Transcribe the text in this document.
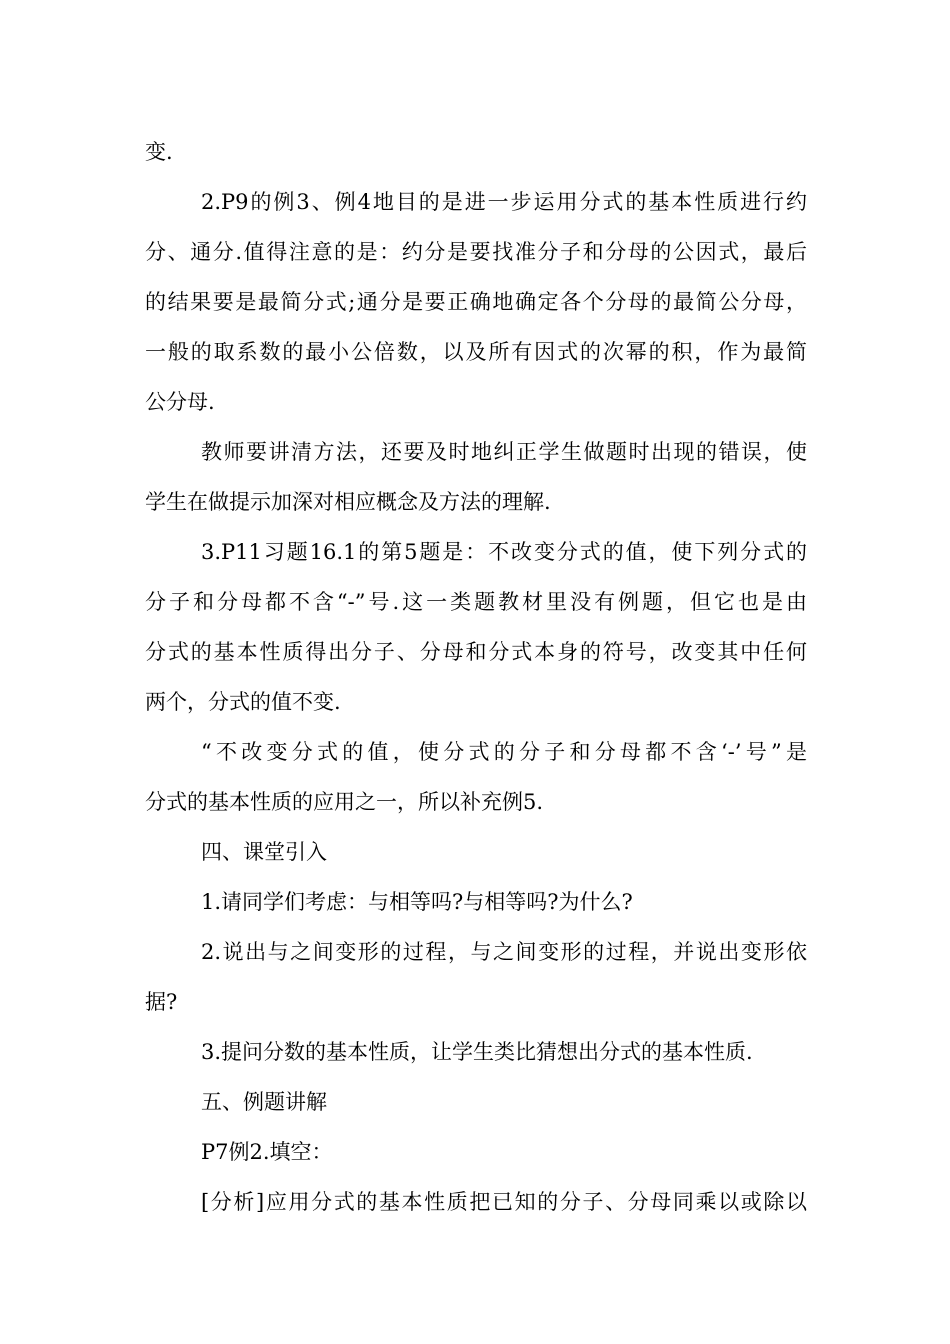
变.
2.P9的例3、例4地目的是进一步运用分式的基本性质进行约
分、通分.值得注意的是：约分是要找准分子和分母的公因式，最后
的结果要是最简分式;通分是要正确地确定各个分母的最简公分母，
一般的取系数的最小公倍数，以及所有因式的次幂的积，作为最简
公分母.
教师要讲清方法，还要及时地纠正学生做题时出现的错误，使
学生在做提示加深对相应概念及方法的理解.
3.P11习题16.1的第5题是：不改变分式的值，使下列分式的
分子和分母都不含“-”号.这一类题教材里没有例题，但它也是由
分式的基本性质得出分子、分母和分式本身的符号，改变其中任何
两个，分式的值不变.
“不改变分式的值，使分式的分子和分母都不含‘-’号”是
分式的基本性质的应用之一，所以补充例5.
四、课堂引入
1.请同学们考虑：与相等吗?与相等吗?为什么?
2.说出与之间变形的过程，与之间变形的过程，并说出变形依
据?
3.提问分数的基本性质，让学生类比猜想出分式的基本性质.
五、例题讲解
P7例2.填空：
[分析]应用分式的基本性质把已知的分子、分母同乘以或除以
